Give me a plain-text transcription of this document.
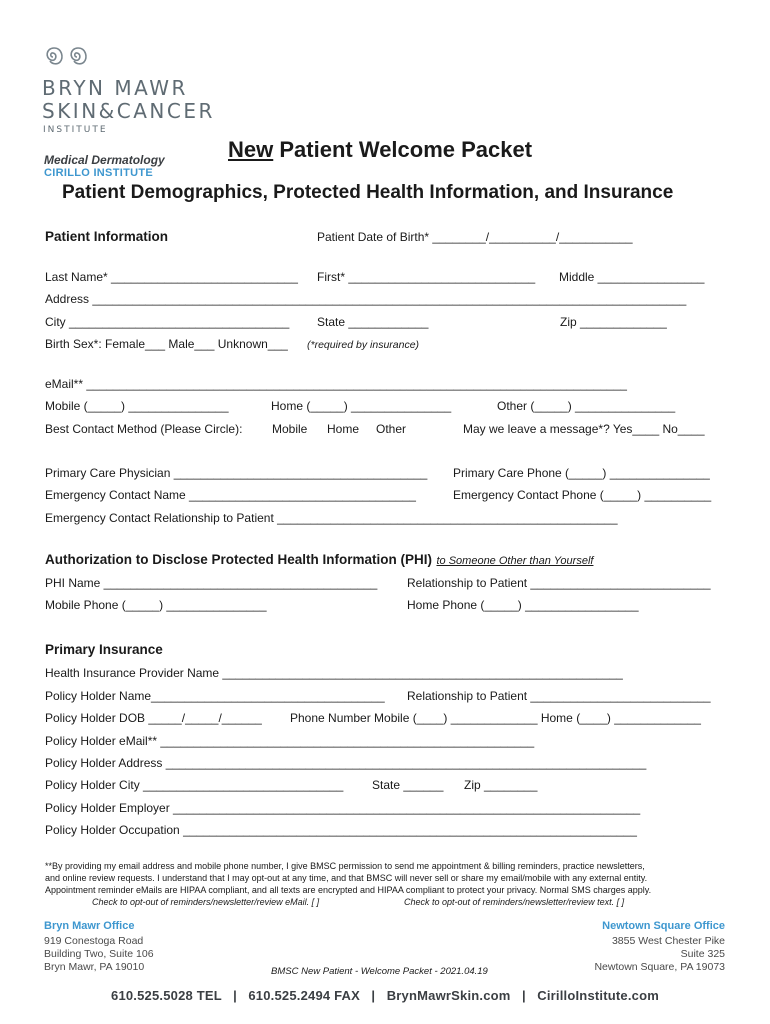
BRYN MAWR
SKIN&CANCER
INSTITUTE
Medical Dermatology
CIRILLO INSTITUTE
New Patient Welcome Packet
Patient Demographics, Protected Health Information, and Insurance
Patient Information	Patient Date of Birth* ________/__________/___________
Last Name* ____________________________ First* ____________________________ Middle ________________
Address _________________________________________________________________________________________
City _________________________________ State ____________	Zip _____________
Birth Sex*: Female___ Male___ Unknown___ (*required by insurance)
eMail** _________________________________________________________________________________
Mobile (_____) _______________	Home (_____) _______________	Other (_____) _______________
Best Contact Method (Please Circle): Mobile Home Other	May we leave a message*? Yes____ No____
Primary Care Physician ______________________________________ Primary Care Phone (_____) _______________
Emergency Contact Name __________________________________	Emergency Contact Phone (_____) __________
Emergency Contact Relationship to Patient ___________________________________________________
Authorization to Disclose Protected Health Information (PHI) to Someone Other than Yourself
PHI Name _________________________________________ Relationship to Patient ___________________________
Mobile Phone (_____) _______________	Home Phone (_____) _________________
Primary Insurance
Health Insurance Provider Name ____________________________________________________________
Policy Holder Name___________________________________ Relationship to Patient ___________________________
Policy Holder DOB _____/_____/______ Phone Number Mobile (____) _____________ Home (____) _____________
Policy Holder eMail** ________________________________________________________
Policy Holder Address ________________________________________________________________________
Policy Holder City ______________________________ State ______ Zip ________
Policy Holder Employer ______________________________________________________________________
Policy Holder Occupation ____________________________________________________________________
**By providing my email address and mobile phone number, I give BMSC permission to send me appointment & billing reminders, practice newsletters,
and online review requests. I understand that I may opt-out at any time, and that BMSC will never sell or share my email/mobile with any external entity.
Appointment reminder eMails are HIPAA compliant, and all texts are encrypted and HIPAA compliant to protect your privacy. Normal SMS charges apply.
Check to opt-out of reminders/newsletter/review eMail. [ ]	Check to opt-out of reminders/newsletter/review text. [ ]
Bryn Mawr Office
919 Conestoga Road
Building Two, Suite 106
Bryn Mawr, PA 19010
Newtown Square Office
3855 West Chester Pike
Suite 325
Newtown Square, PA 19073
BMSC New Patient - Welcome Packet - 2021.04.19
610.525.5028 TEL   |   610.525.2494 FAX   |   BrynMawrSkin.com   |   CirilloInstitute.com
